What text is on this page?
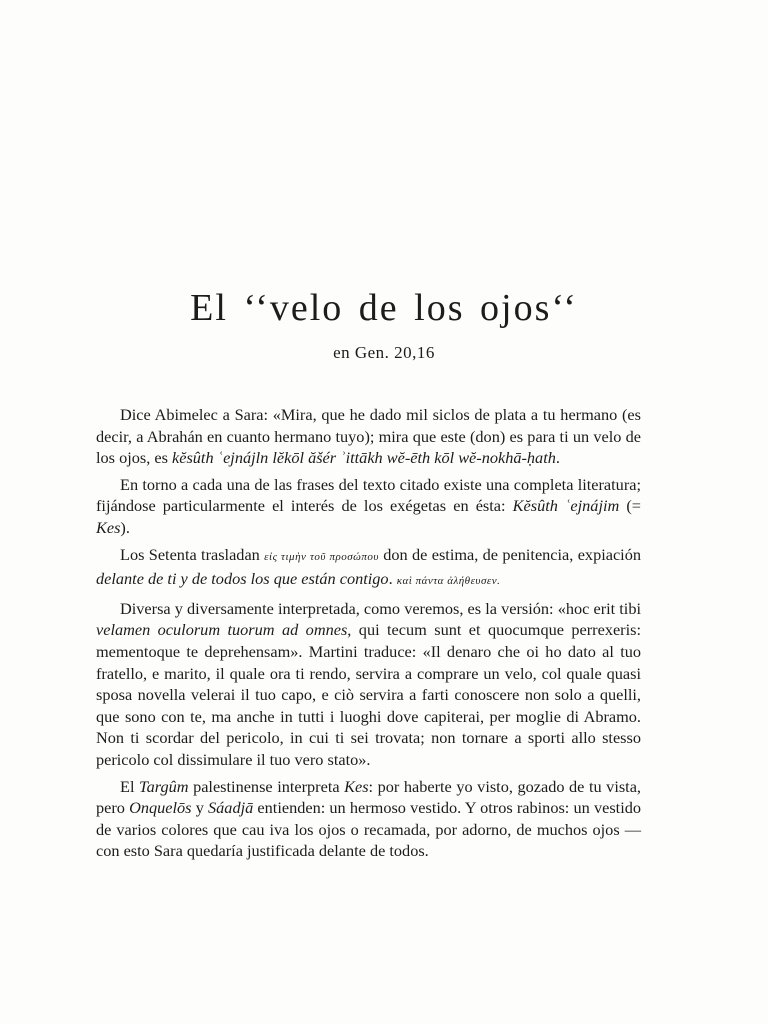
El ‘‘velo de los ojos‘‘
en Gen. 20,16

Dice Abimelec a Sara: «Mira, que he dado mil siclos de plata a tu hermano (es decir, a Abrahán en cuanto hermano tuyo); mira que este (don) es para ti un velo de los ojos, es kĕsûth ʿejnájln lĕkōl ăšér ʾittākh wĕ-ēth kōl wĕ-nokhā-ḥath.

En torno a cada una de las frases del texto citado existe una completa literatura; fijándose particularmente el interés de los exégetas en ésta: Kĕsûth ʿejnájim (= Kes).

Los Setenta trasladan εἰς τιμὴν τοῦ προσώπου don de estima, de penitencia, expiación delante de ti y de todos los que están contigo. καὶ πάντα ἀλήθευσεν.

Diversa y diversamente interpretada, como veremos, es la versión: «hoc erit tibi velamen oculorum tuorum ad omnes, qui tecum sunt et quocumque perrexeris: mementoque te deprehensam». Martini traduce: «Il denaro che oi ho dato al tuo fratello, e marito, il quale ora ti rendo, servira a comprare un velo, col quale quasi sposa novella velerai il tuo capo, e ciò servira a farti conoscere non solo a quelli, que sono con te, ma anche in tutti i luoghi dove capiterai, per moglie di Abramo. Non ti scordar del pericolo, in cui ti sei trovata; non tornare a sporti allo stesso pericolo col dissimulare il tuo vero stato».

El Targûm palestinense interpreta Kes: por haberte yo visto, gozado de tu vista, pero Onquelōs y Sáadjā entienden: un hermoso vestido. Y otros rabinos: un vestido de varios colores que cau iva los ojos o recamada, por adorno, de muchos ojos —con esto Sara quedaría justificada delante de todos.
